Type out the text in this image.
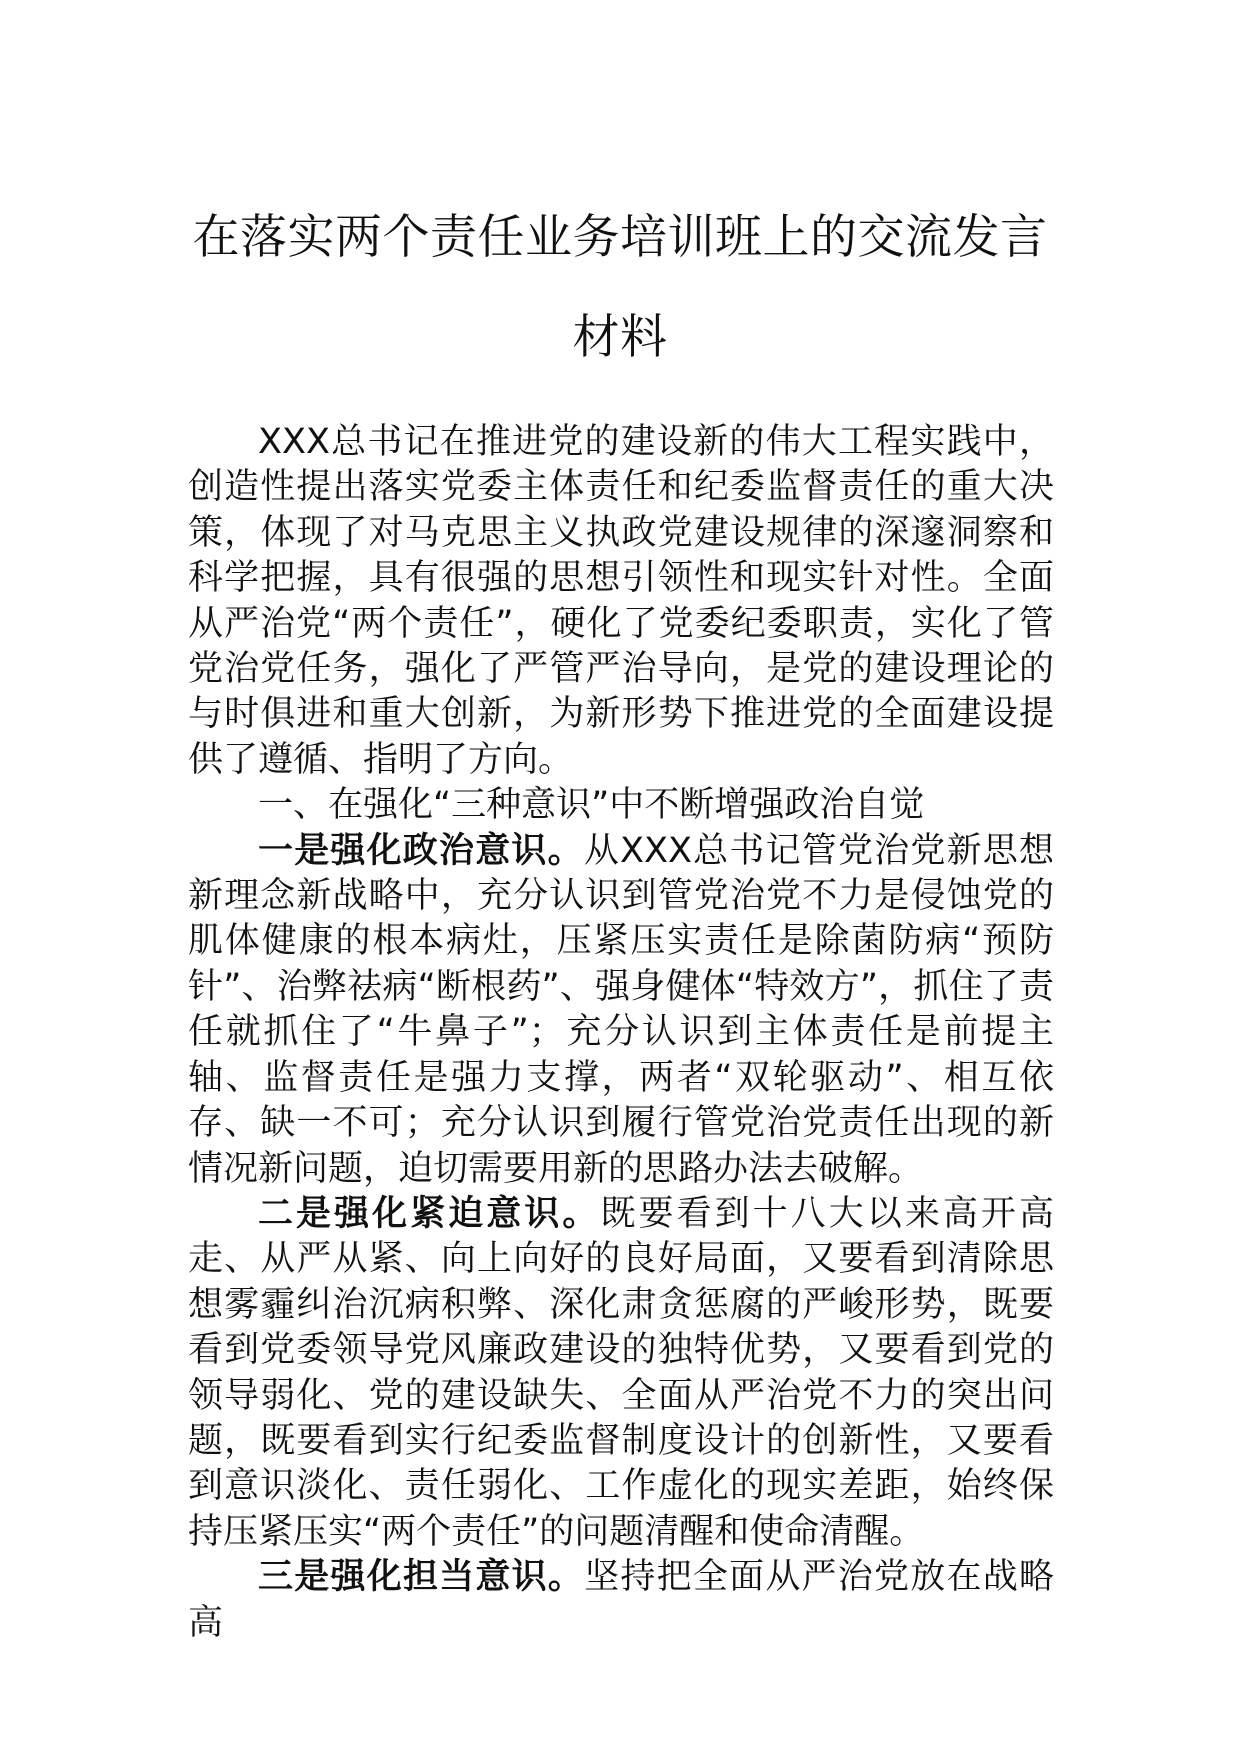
在落实两个责任业务培训班上的交流发言
材料

XXX总书记在推进党的建设新的伟大工程实践中，创造性提出落实党委主体责任和纪委监督责任的重大决策，体现了对马克思主义执政党建设规律的深邃洞察和科学把握，具有很强的思想引领性和现实针对性。全面从严治党“两个责任”，硬化了党委纪委职责，实化了管党治党任务，强化了严管严治导向，是党的建设理论的与时俱进和重大创新，为新形势下推进党的全面建设提供了遵循、指明了方向。

一、在强化“三种意识”中不断增强政治自觉

一是强化政治意识。从XXX总书记管党治党新思想新理念新战略中，充分认识到管党治党不力是侵蚀党的肌体健康的根本病灶，压紧压实责任是除菌防病“预防针”、治弊祛病“断根药”、强身健体“特效方”，抓住了责任就抓住了“牛鼻子”；充分认识到主体责任是前提主轴、监督责任是强力支撑，两者“双轮驱动”、相互依存、缺一不可；充分认识到履行管党治党责任出现的新情况新问题，迫切需要用新的思路办法去破解。

二是强化紧迫意识。既要看到十八大以来高开高走、从严从紧、向上向好的良好局面，又要看到清除思想雾霾纠治沉病积弊、深化肃贪惩腐的严峻形势，既要看到党委领导党风廉政建设的独特优势，又要看到党的领导弱化、党的建设缺失、全面从严治党不力的突出问题，既要看到实行纪委监督制度设计的创新性，又要看到意识淡化、责任弱化、工作虚化的现实差距，始终保持压紧压实“两个责任”的问题清醒和使命清醒。

三是强化担当意识。坚持把全面从严治党放在战略高
